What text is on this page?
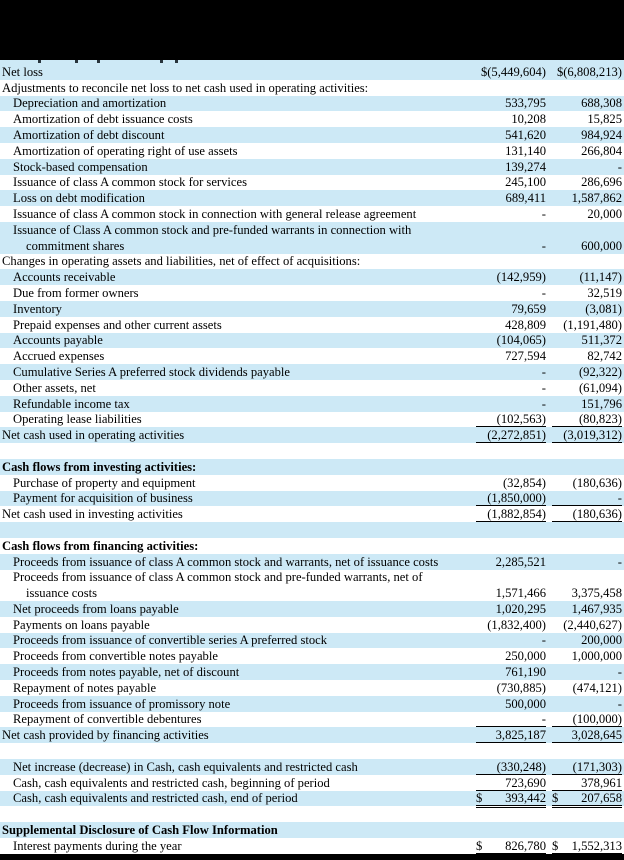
Net loss	$(5,449,604) $(6,808,213)
Adjustments to reconcile net loss to net cash used in operating activities:
Depreciation and amortization	533,795	688,308
Amortization of debt issuance costs	10,208	15,825
Amortization of debt discount	541,620	984,924
Amortization of operating right of use assets	131,140	266,804
Stock-based compensation	139,274	-
Issuance of class A common stock for services	245,100	286,696
Loss on debt modification	689,411 1,587,862
Issuance of class A common stock in connection with general release agreement	-	20,000
Issuance of Class A common stock and pre-funded warrants in connection with
commitment shares	-	600,000
Changes in operating assets and liabilities, net of effect of acquisitions:
Accounts receivable	(142,959)	(11,147)
Due from former owners	-	32,519
Inventory	79,659	(3,081)
Prepaid expenses and other current assets	428,809 (1,191,480)
Accounts payable	(104,065)	511,372
Accrued expenses	727,594	82,742
Cumulative Series A preferred stock dividends payable	-	(92,322)
Other assets, net	-	(61,094)
Refundable income tax	-	151,796
Operating lease liabilities	(102,563)	(80,823)
Net cash used in operating activities	(2,272,851) (3,019,312)
Cash flows from investing activities:
Purchase of property and equipment	(32,854) (180,636)
Payment for acquisition of business	(1,850,000)	-
Net cash used in investing activities	(1,882,854) (180,636)
Cash flows from financing activities:
Proceeds from issuance of class A common stock and warrants, net of issuance costs	2,285,521	-
Proceeds from issuance of class A common stock and pre-funded warrants, net of
issuance costs	1,571,466 3,375,458
Net proceeds from loans payable	1,020,295 1,467,935
Payments on loans payable	(1,832,400) (2,440,627)
Proceeds from issuance of convertible series A preferred stock	-	200,000
Proceeds from convertible notes payable	250,000 1,000,000
Proceeds from notes payable, net of discount	761,190	-
Repayment of notes payable	(730,885) (474,121)
Proceeds from issuance of promissory note	500,000	-
Repayment of convertible debentures	- (100,000)
Net cash provided by financing activities	3,825,187 3,028,645
Net increase (decrease) in Cash, cash equivalents and restricted cash	(330,248) (171,303)
Cash, cash equivalents and restricted cash, beginning of period	723,690	378,961
Cash, cash equivalents and restricted cash, end of period	$ 393,442 $ 207,658
Supplemental Disclosure of Cash Flow Information
Interest payments during the year	$ 826,780 $ 1,552,313
